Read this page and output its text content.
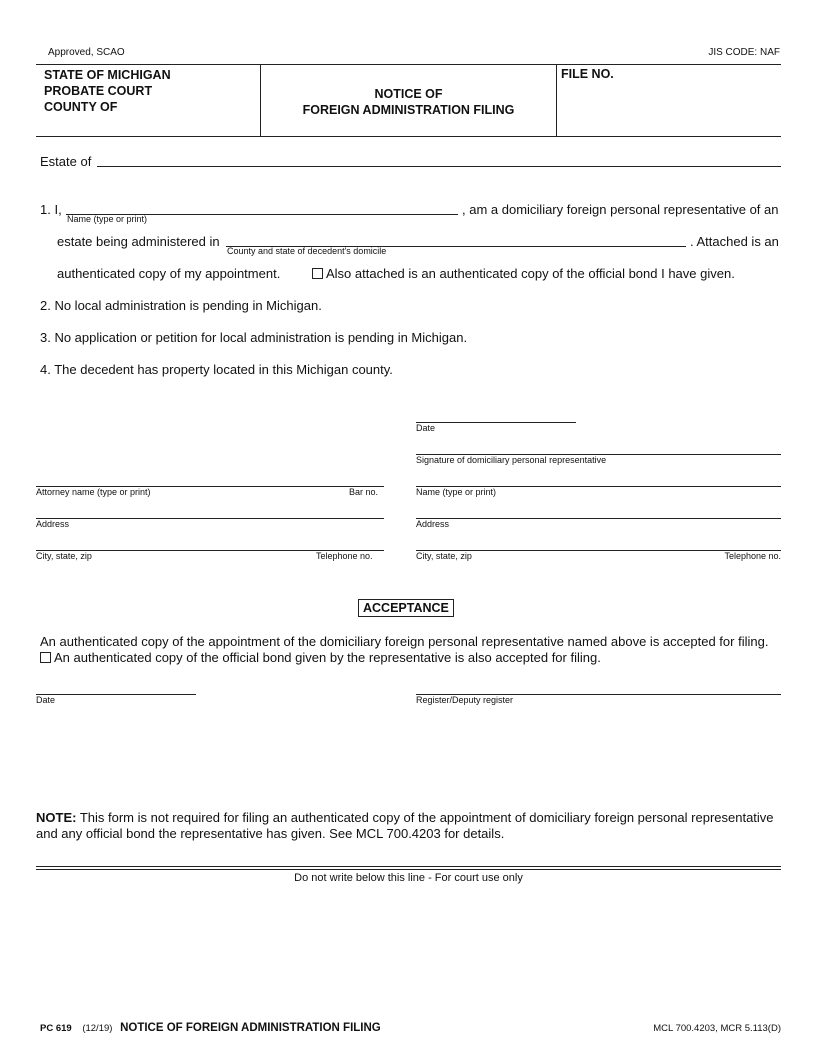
Approved, SCAO	JIS CODE: NAF
STATE OF MICHIGAN
PROBATE COURT
COUNTY OF
NOTICE OF
FOREIGN ADMINISTRATION FILING
FILE NO.
Estate of
1. I,
Name (type or print)
, am a domiciliary foreign personal representative of an
estate being administered in
County and state of decedent's domicile
. Attached is an
authenticated copy of my appointment.	Also attached is an authenticated copy of the official bond I have given.
2. No local administration is pending in Michigan.
3. No application or petition for local administration is pending in Michigan.
4. The decedent has property located in this Michigan county.
Date
Signature of domiciliary personal representative
Attorney name (type or print)	Bar no.	Name (type or print)
Address	Address
City, state, zip	Telephone no.	City, state, zip	Telephone no.
ACCEPTANCE
An authenticated copy of the appointment of the domiciliary foreign personal representative named above is accepted for filing.
An authenticated copy of the official bond given by the representative is also accepted for filing.
Date	Register/Deputy register
NOTE: This form is not required for filing an authenticated copy of the appointment of domiciliary foreign personal representative and any official bond the representative has given. See MCL 700.4203 for details.
Do not write below this line - For court use only
PC 619 (12/19) NOTICE OF FOREIGN ADMINISTRATION FILING	MCL 700.4203, MCR 5.113(D)
